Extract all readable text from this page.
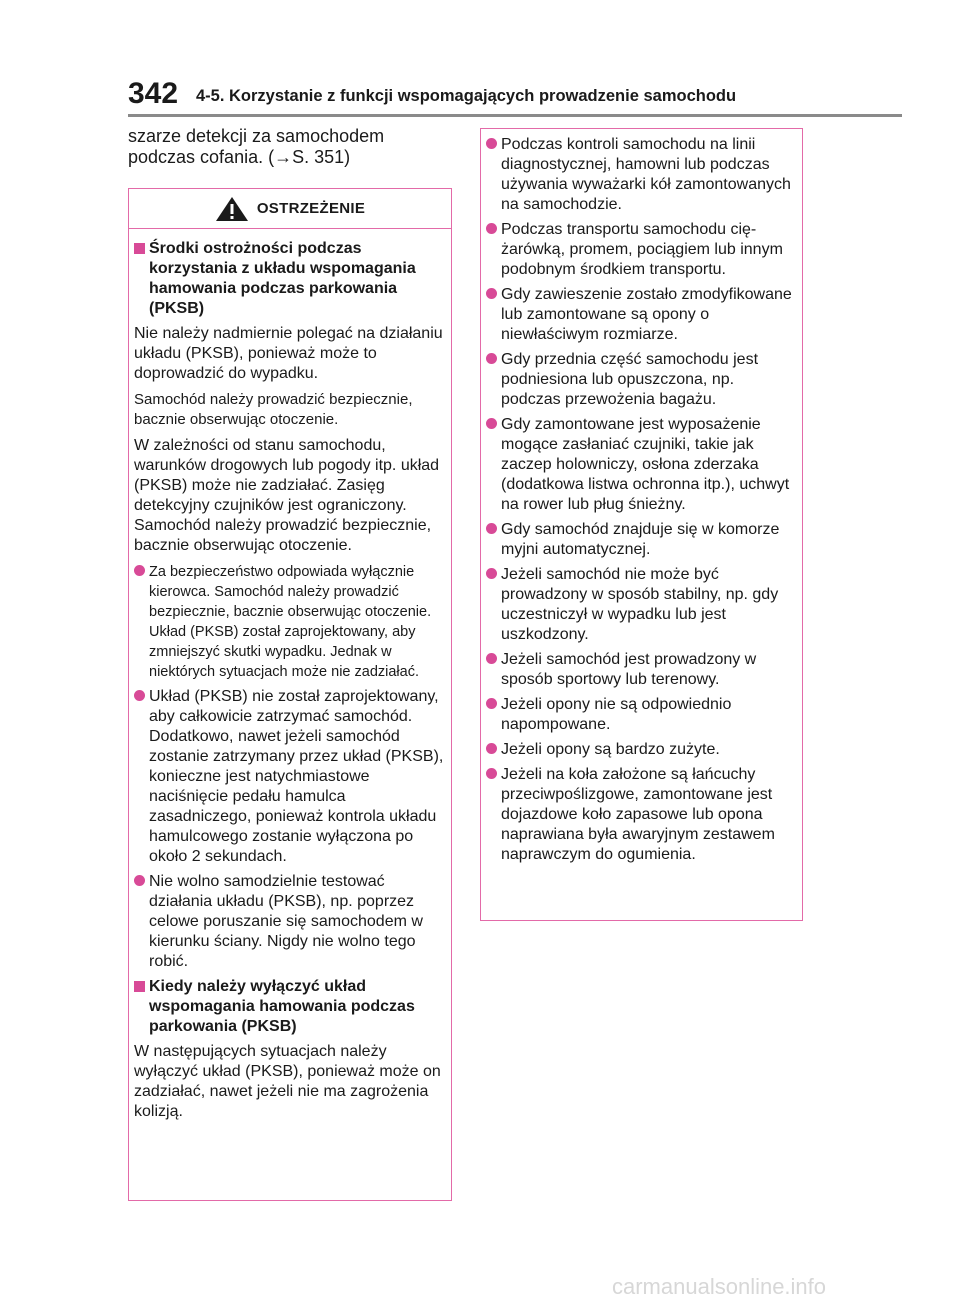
342 4-5. Korzystanie z funkcji wspomagających prowadzenie samochodu
szarze detekcji za samochodem
podczas cofania. (→S. 351)
OSTRZEŻENIE
Środki ostrożności podczas korzystania z układu wspomagania hamowania podczas parkowania (PKSB)
Nie należy nadmiernie polegać na działaniu układu (PKSB), ponieważ może to doprowadzić do wypadku.
Samochód należy prowadzić bezpiecznie, bacznie obserwując otoczenie.
W zależności od stanu samochodu, warunków drogowych lub pogody itp. układ (PKSB) może nie zadziałać. Zasięg detekcyjny czujników jest ograniczony. Samochód należy prowadzić bezpiecznie, bacznie obserwując otoczenie.
Za bezpieczeństwo odpowiada wyłącznie kierowca. Samochód należy prowadzić bezpiecznie, bacznie obserwując otoczenie. Układ (PKSB) został zaprojektowany, aby zmniejszyć skutki wypadku. Jednak w niektórych sytuacjach może nie zadziałać.
Układ (PKSB) nie został zaprojektowany, aby całkowicie zatrzymać samochód. Dodatkowo, nawet jeżeli samochód zostanie zatrzymany przez układ (PKSB), konieczne jest natychmiastowe naciśnięcie pedału hamulca zasadniczego, ponieważ kontrola układu hamulcowego zostanie wyłączona po około 2 sekundach.
Nie wolno samodzielnie testować działania układu (PKSB), np. poprzez celowe poruszanie się samochodem w kierunku ściany. Nigdy nie wolno tego robić.
Kiedy należy wyłączyć układ wspomagania hamowania podczas parkowania (PKSB)
W następujących sytuacjach należy wyłączyć układ (PKSB), ponieważ może on zadziałać, nawet jeżeli nie ma zagrożenia kolizją.
Podczas kontroli samochodu na linii diagnostycznej, hamowni lub podczas używania wyważarki kół zamontowanych na samochodzie.
Podczas transportu samochodu ciężarówką, promem, pociągiem lub innym podobnym środkiem transportu.
Gdy zawieszenie zostało zmodyfikowane lub zamontowane są opony o niewłaściwym rozmiarze.
Gdy przednia część samochodu jest podniesiona lub opuszczona, np. podczas przewożenia bagażu.
Gdy zamontowane jest wyposażenie mogące zasłaniać czujniki, takie jak zaczep holowniczy, osłona zderzaka (dodatkowa listwa ochronna itp.), uchwyt na rower lub pług śnieżny.
Gdy samochód znajduje się w komorze myjni automatycznej.
Jeżeli samochód nie może być prowadzony w sposób stabilny, np. gdy uczestniczył w wypadku lub jest uszkodzony.
Jeżeli samochód jest prowadzony w sposób sportowy lub terenowy.
Jeżeli opony nie są odpowiednio napompowane.
Jeżeli opony są bardzo zużyte.
Jeżeli na koła założone są łańcuchy przeciwpoślizgowe, zamontowane jest dojazdowe koło zapasowe lub opona naprawiana była awaryjnym zestawem naprawczym do ogumienia.
carmanualsonline.info
